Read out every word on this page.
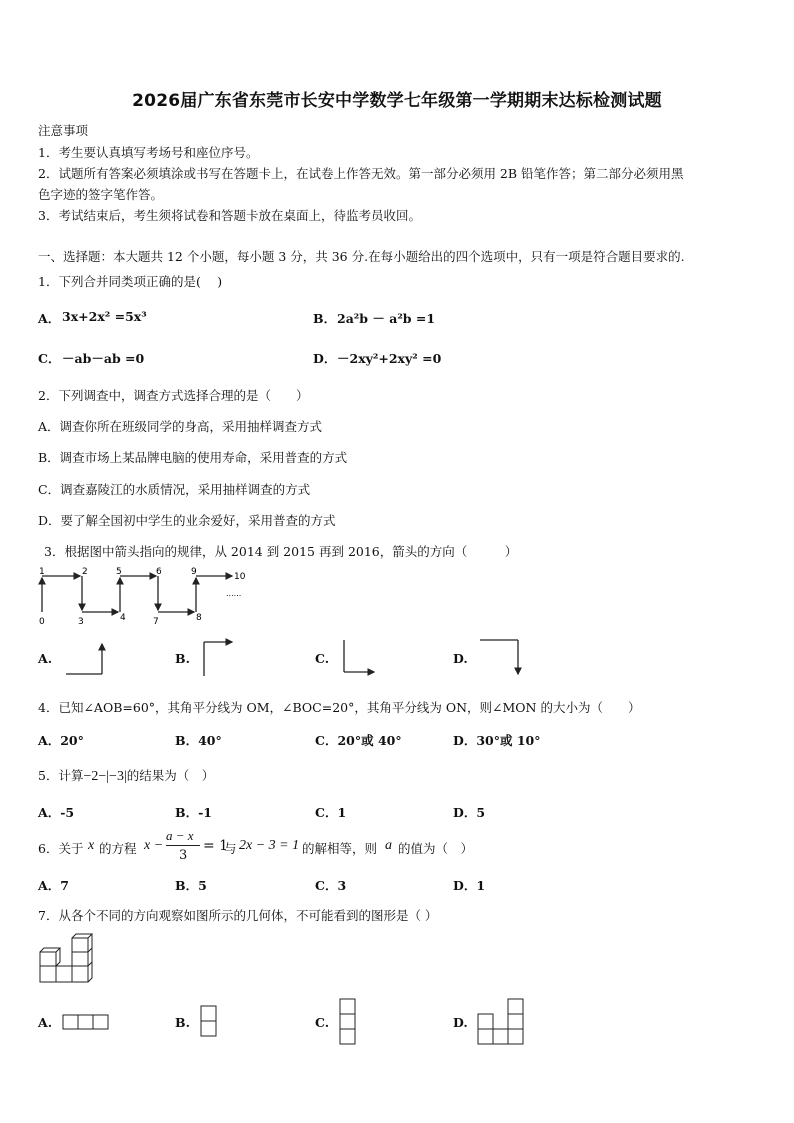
2026届广东省东莞市长安中学数学七年级第一学期期末达标检测试题
注意事项
1．考生要认真填写考场号和座位序号。
2．试题所有答案必须填涂或书写在答题卡上，在试卷上作答无效。第一部分必须用 2B 铅笔作答；第二部分必须用黑
色字迹的签字笔作答。
3．考试结束后，考生须将试卷和答题卡放在桌面上，待监考员收回。
一、选择题：本大题共 12 个小题，每小题 3 分，共 36 分.在每小题给出的四个选项中，只有一项是符合题目要求的.
1．下列合并同类项正确的是(　 )
A． 3x+2x² =5x³	B． 2a²b － a²b =1
C． －ab－ab =0	D． －2xy²+2xy² =0
2．下列调查中，调查方式选择合理的是（　　）
A．调查你所在班级同学的身高，采用抽样调查方式
B．调查市场上某品牌电脑的使用寿命，采用普查的方式
C．调查嘉陵江的水质情况，采用抽样调查的方式
D．要了解全国初中学生的业余爱好，采用普查的方式
3．根据图中箭头指向的规律，从 2014 到 2015 再到 2016，箭头的方向（　　　）
1	2	5	6	9	10
0	3	4	7	8
......
A.	B.	C.	D.
4．已知∠AOB=60°，其角平分线为 OM，∠BOC=20°，其角平分线为 ON，则∠MON 的大小为（　　）
A．20°	B．40°	C．20°或 40°	D．30°或 10°
5．计算−2−|−3|的结果为（　）
A．-5	B．-1	C．1	D．5
6．关于 x 的方程 x −
a − x
3
= 1
与 2x − 3 = 1 的解相等，则 a 的值为（　）
A．7	B．5	C．3	D．1
7．从各个不同的方向观察如图所示的几何体，不可能看到的图形是（ ）
A.	B.	C.	D.
